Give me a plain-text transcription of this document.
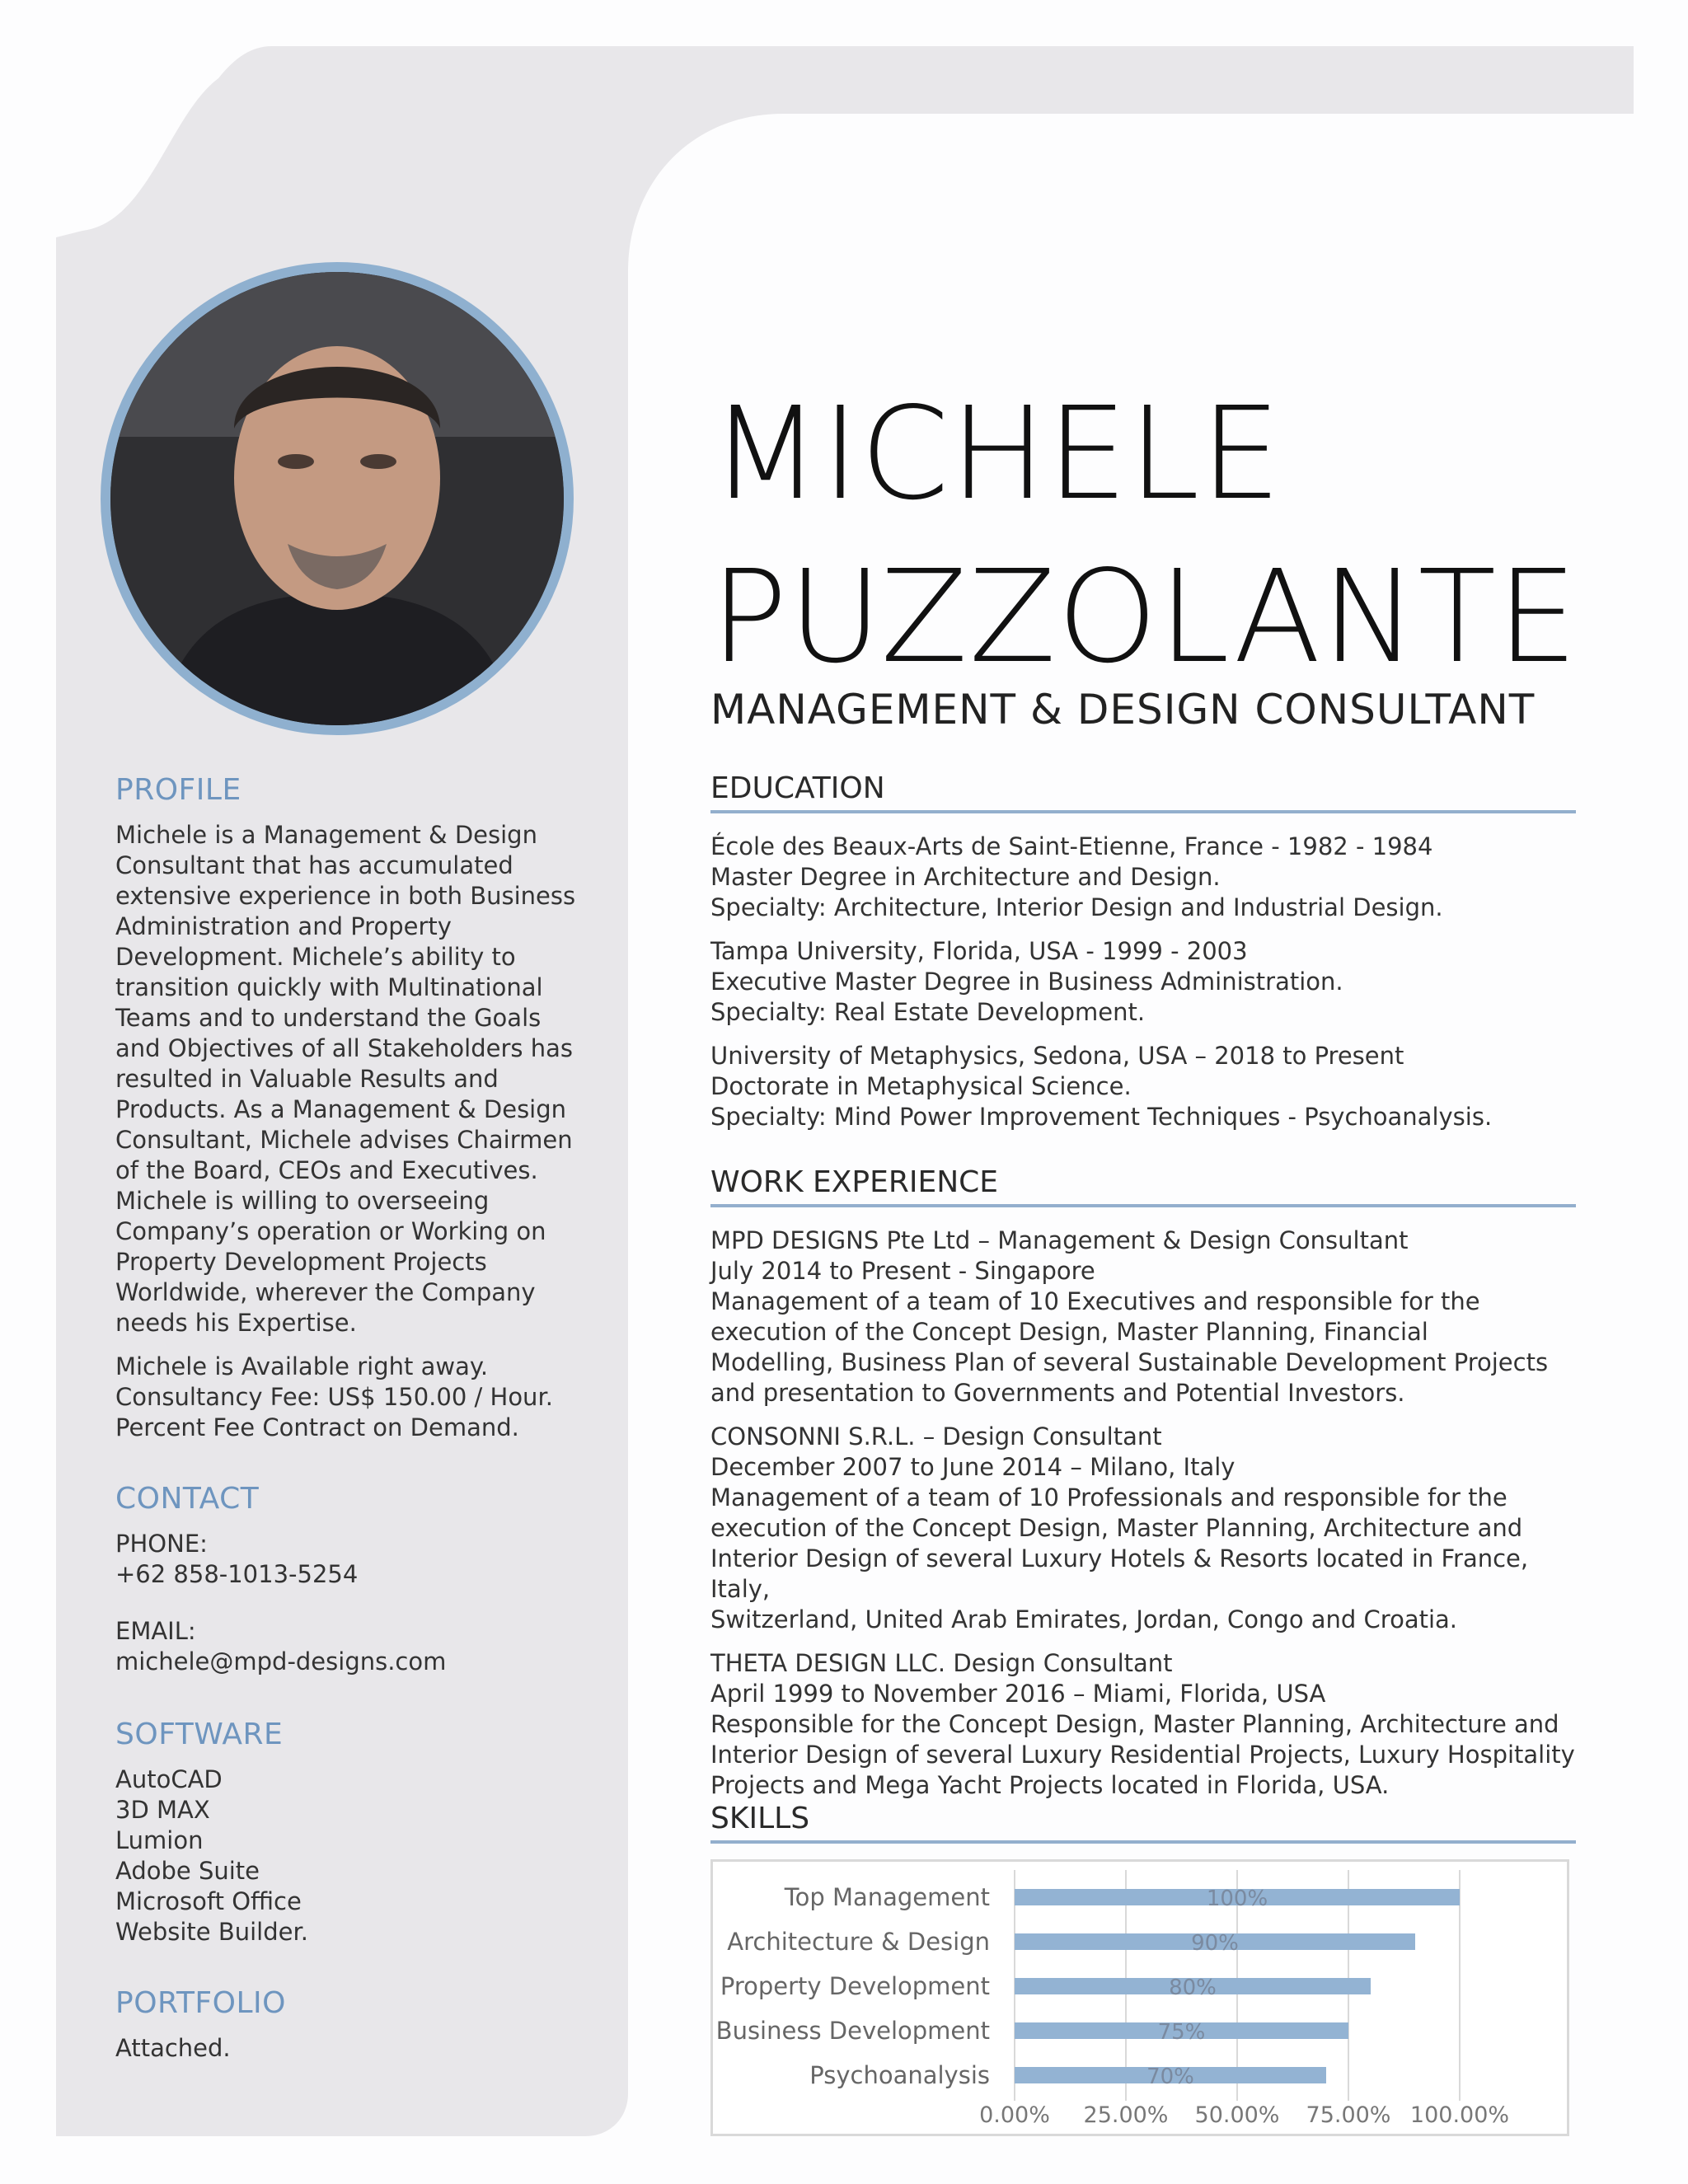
PROFILE

Michele is a Management & Design
Consultant that has accumulated
extensive experience in both Business
Administration and Property
Development. Michele’s ability to
transition quickly with Multinational
Teams and to understand the Goals
and Objectives of all Stakeholders has
resulted in Valuable Results and
Products. As a Management & Design
Consultant, Michele advises Chairmen
of the Board, CEOs and Executives.
Michele is willing to overseeing
Company’s operation or Working on
Property Development Projects
Worldwide, wherever the Company
needs his Expertise.

Michele is Available right away.
Consultancy Fee: US$ 150.00 / Hour.
Percent Fee Contract on Demand.

CONTACT

PHONE:
+62 858-1013-5254

EMAIL:
michele@mpd-designs.com

SOFTWARE

AutoCAD
3D MAX
Lumion
Adobe Suite
Microsoft Office
Website Builder.

PORTFOLIO

Attached.

MICHELE
PUZZOLANTE
MANAGEMENT & DESIGN CONSULTANT
EDUCATION
École des Beaux-Arts de Saint-Etienne, France - 1982 - 1984
Master Degree in Architecture and Design.
Specialty: Architecture, Interior Design and Industrial Design.
Tampa University, Florida, USA - 1999 - 2003
Executive Master Degree in Business Administration.
Specialty: Real Estate Development.
University of Metaphysics, Sedona, USA – 2018 to Present
Doctorate in Metaphysical Science.
Specialty: Mind Power Improvement Techniques - Psychoanalysis.
WORK EXPERIENCE
MPD DESIGNS Pte Ltd – Management & Design Consultant
July 2014 to Present - Singapore
Management of a team of 10 Executives and responsible for the
execution of the Concept Design, Master Planning, Financial
Modelling, Business Plan of several Sustainable Development Projects
and presentation to Governments and Potential Investors.
CONSONNI S.R.L. – Design Consultant
December 2007 to June 2014 – Milano, Italy
Management of a team of 10 Professionals and responsible for the
execution of the Concept Design, Master Planning, Architecture and
Interior Design of several Luxury Hotels & Resorts located in France, Italy,
Switzerland, United Arab Emirates, Jordan, Congo and Croatia.
THETA DESIGN LLC. Design Consultant
April 1999 to November 2016 – Miami, Florida, USA
Responsible for the Concept Design, Master Planning, Architecture and
Interior Design of several Luxury Residential Projects, Luxury Hospitality
Projects and Mega Yacht Projects located in Florida, USA.
SKILLS
Top Management	100%
Architecture & Design	90%
Property Development	80%
Business Development	75%
Psychoanalysis	70%
0.00% 25.00% 50.00% 75.00% 100.00%
